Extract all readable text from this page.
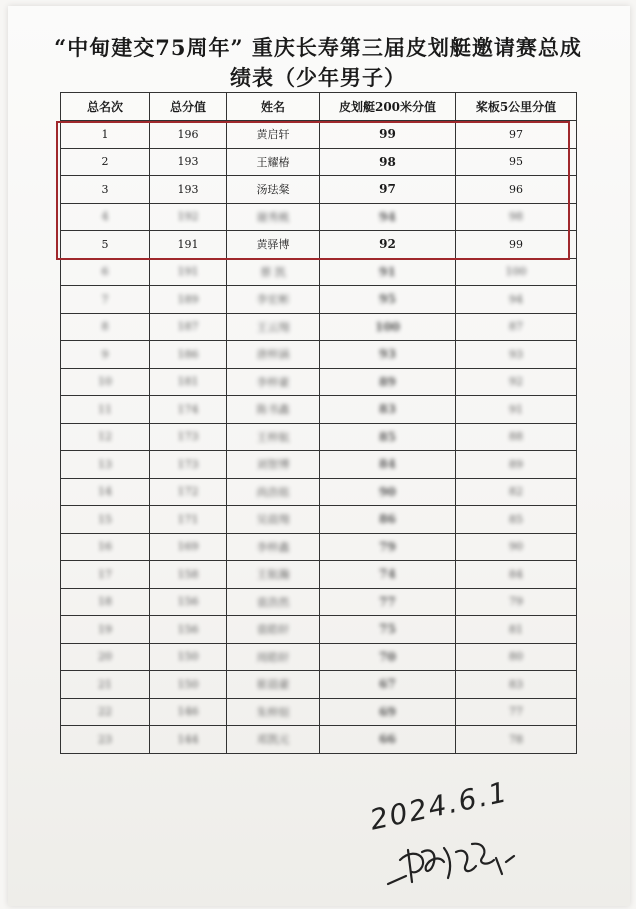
“中甸建交75周年” 重庆长寿第三届皮划艇邀请赛总成
绩表（少年男子）
总名次	总分值	姓名	皮划艇200米分值	桨板5公里分值
1	196	黄启轩	99	97
2	193	王耀椿	98	95
3	193	汤珐粲	97	96
4	192	谢秀桃	94	98
5	191	黄驿博	92	99
6	191	蔡 凯	91	100
7	189	李宏彬	95	94
8	187	王云翔	100	87
9	186	唐梓涵	93	93
10	181	李梓豪	89	92
11	174	陈书鑫	83	91
12	173	王梓航	85	88
13	173	刘智博	84	89
14	172	尚浩铭	90	82
15	171	吴晨翔	86	85
16	169	李梓鑫	79	90
17	158	王航瀚	74	84
18	156	袁浩然	77	79
19	156	袁皓轩	75	81
20	150	周皓轩	70	80
21	150	崔晨豪	67	83
22	146	朱梓烜	69	77
23	144	邓凯元	66	78
2024.6.1
